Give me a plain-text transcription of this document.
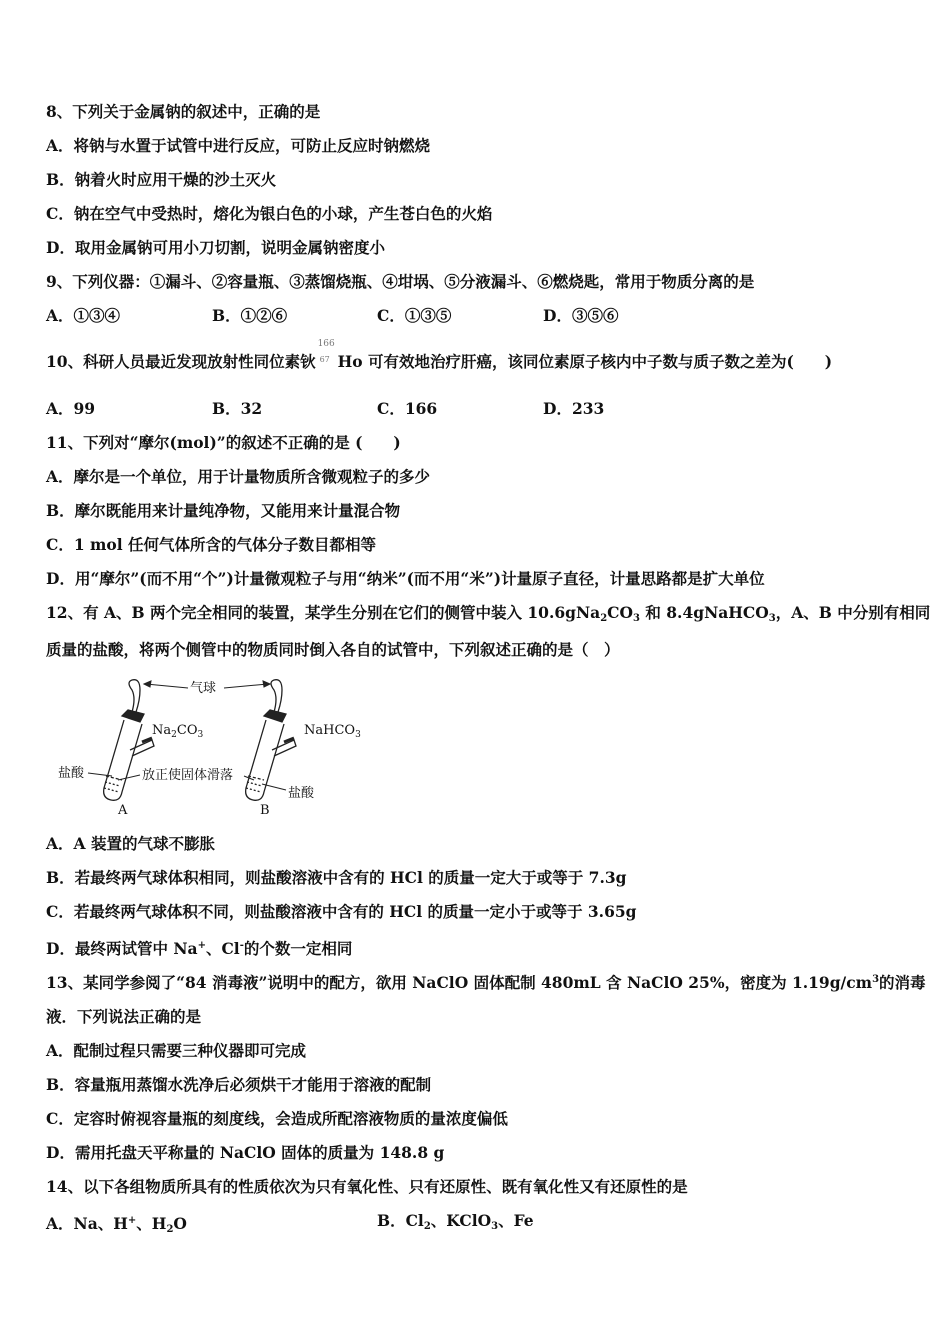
8、下列关于金属钠的叙述中，正确的是
A．将钠与水置于试管中进行反应，可防止反应时钠燃烧
B．钠着火时应用干燥的沙土灭火
C．钠在空气中受热时，熔化为银白色的小球，产生苍白色的火焰
D．取用金属钠可用小刀切割，说明金属钠密度小
9、下列仪器：①漏斗、②容量瓶、③蒸馏烧瓶、④坩埚、⑤分液漏斗、⑥燃烧匙，常用于物质分离的是
A．①③④	B．①②⑥	C．①③⑤	D．③⑤⑥
10、科研人员最近发现放射性同位素钬
166
67 Ho 可有效地治疗肝癌，该同位素原子核内中子数与质子数之差为(　　)
A．99	B．32	C．166	D．233
11、下列对“摩尔(mol)”的叙述不正确的是 (　　)
A．摩尔是一个单位，用于计量物质所含微观粒子的多少
B．摩尔既能用来计量纯净物，又能用来计量混合物
C．1 mol 任何气体所含的气体分子数目都相等
D．用“摩尔”(而不用“个”)计量微观粒子与用“纳米”(而不用“米”)计量原子直径，计量思路都是扩大单位
12、有 A、B 两个完全相同的装置，某学生分别在它们的侧管中装入 $10.6gNa_2CO_3$ 和 8.4gNaHCO$_3$，A、B 中分别有相同
质量的盐酸，将两个侧管中的物质同时倒入各自的试管中，下列叙述正确的是（　）
气球
$Na_2CO_3$	NaHCO$_3$
盐酸	放正使固体滑落
盐酸
A	B
A．A 装置的气球不膨胀
B．若最终两气球体积相同，则盐酸溶液中含有的 HCl 的质量一定大于或等于 7.3g
C．若最终两气球体积不同，则盐酸溶液中含有的 HCl 的质量一定小于或等于 3.65g
D．最终两试管中 Na+、Cl-的个数一定相同
13、某同学参阅了“84 消毒液”说明中的配方，欲用 NaClO 固体配制 480mL 含 NaClO 25%，密度为 $1.19g/cm^3$的消毒
液．下列说法正确的是
A．配制过程只需要三种仪器即可完成
B．容量瓶用蒸馏水洗净后必须烘干才能用于溶液的配制
C．定容时俯视容量瓶的刻度线，会造成所配溶液物质的量浓度偏低
D．需用托盘天平称量的 NaClO 固体的质量为 148.8 g
14、以下各组物质所具有的性质依次为只有氧化性、只有还原性、既有氧化性又有还原性的是
A．Na、H+、$H_2O$	B．$Cl_2$、KClO$_3$、Fe
